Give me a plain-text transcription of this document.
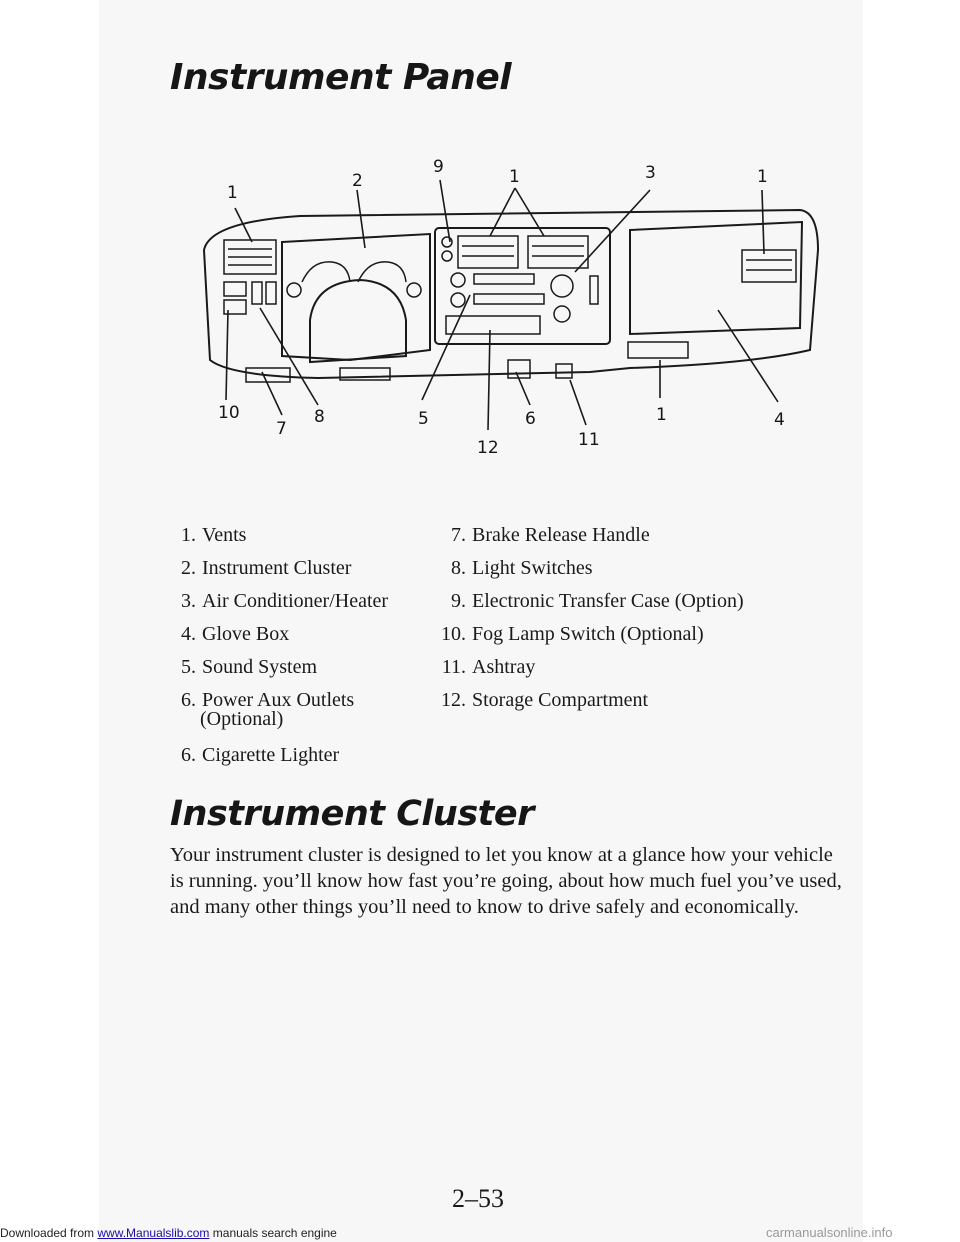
Instrument Panel
1
2
9	1	3	1
10
7
8	5
12
6
11
1	4
1. Vents
2. Instrument Cluster
3. Air Conditioner/Heater
4. Glove Box
5. Sound System
6. Power Aux Outlets
(Optional)
6. Cigarette Lighter
7. Brake Release Handle
8. Light Switches
9. Electronic Transfer Case (Option)
10. Fog Lamp Switch (Optional)
11. Ashtray
12. Storage Compartment
Instrument Cluster

Your instrument cluster is designed to let you know at a glance how your vehicle is running. you’ll know how fast you’re going, about how much fuel you’ve used, and many other things you’ll need to know to drive safely and economically.

2–53
Downloaded from www.Manualslib.com manuals search engine	carmanualsonline.info
